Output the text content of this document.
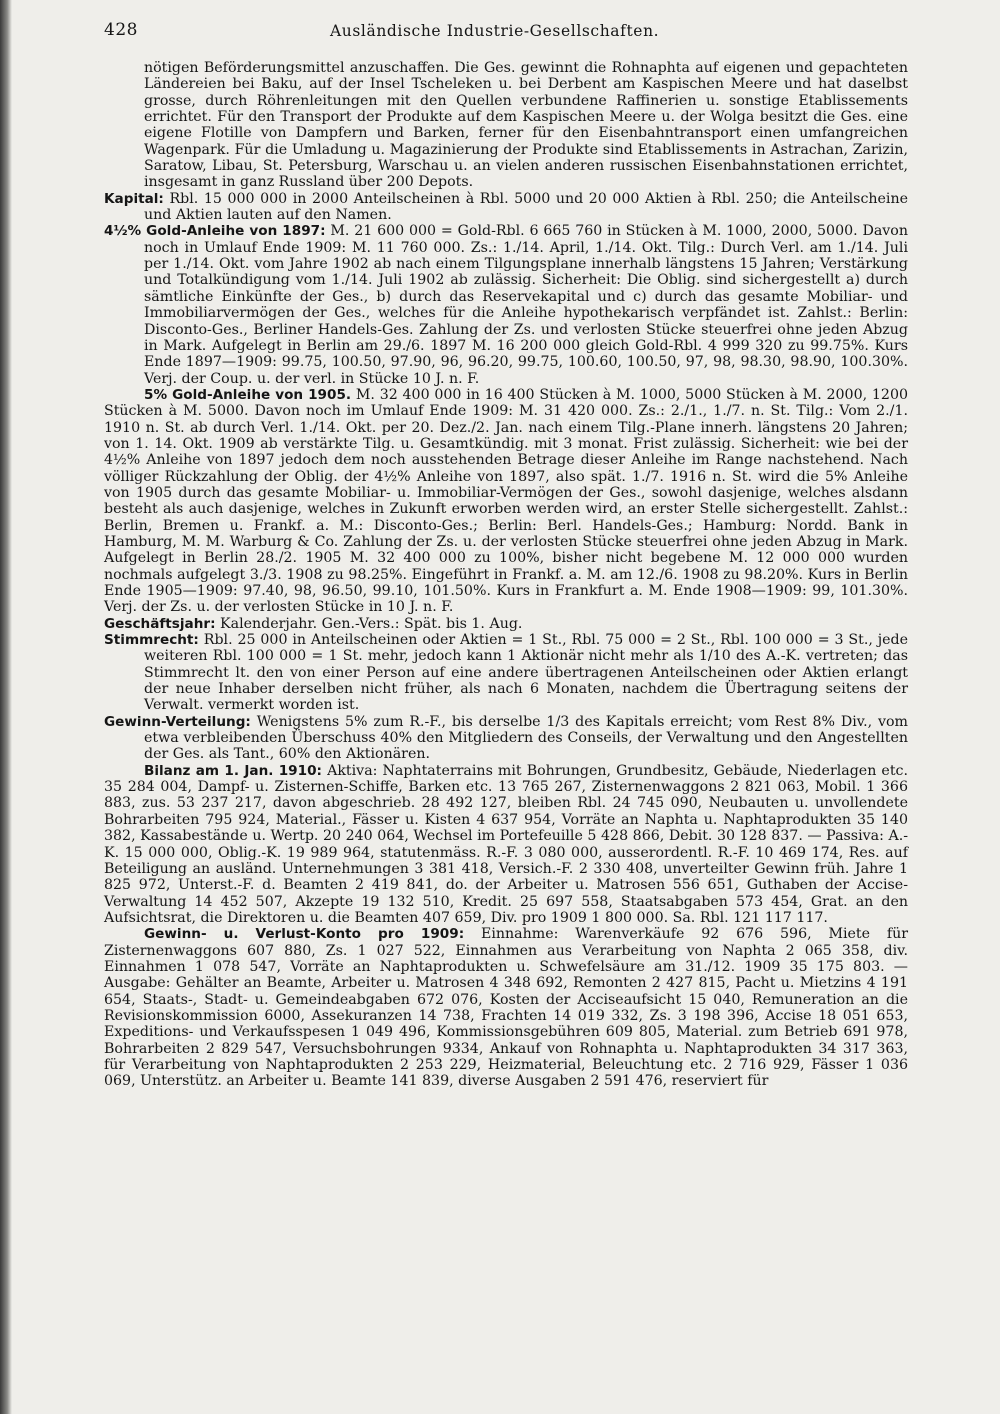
428	Ausländische Industrie-Gesellschaften.

nötigen Beförderungsmittel anzuschaffen. Die Ges. gewinnt die Rohnaphta auf eigenen und gepachteten Ländereien bei Baku, auf der Insel Tscheleken u. bei Derbent am Kaspischen Meere und hat daselbst grosse, durch Röhrenleitungen mit den Quellen verbundene Raffinerien u. sonstige Etablissements errichtet. Für den Transport der Produkte auf dem Kaspischen Meere u. der Wolga besitzt die Ges. eine eigene Flotille von Dampfern und Barken, ferner für den Eisenbahntransport einen umfangreichen Wagenpark. Für die Umladung u. Magazinierung der Produkte sind Etablissements in Astrachan, Zarizin, Saratow, Libau, St. Petersburg, Warschau u. an vielen anderen russischen Eisenbahnstationen errichtet, insgesamt in ganz Russland über 200 Depots.

Kapital: Rbl. 15 000 000 in 2000 Anteilscheinen à Rbl. 5000 und 20 000 Aktien à Rbl. 250; die Anteilscheine und Aktien lauten auf den Namen.

4½% Gold-Anleihe von 1897: M. 21 600 000 = Gold-Rbl. 6 665 760 in Stücken à M. 1000, 2000, 5000. Davon noch in Umlauf Ende 1909: M. 11 760 000. Zs.: 1./14. April, 1./14. Okt. Tilg.: Durch Verl. am 1./14. Juli per 1./14. Okt. vom Jahre 1902 ab nach einem Tilgungsplane innerhalb längstens 15 Jahren; Verstärkung und Totalkündigung vom 1./14. Juli 1902 ab zulässig. Sicherheit: Die Oblig. sind sichergestellt a) durch sämtliche Einkünfte der Ges., b) durch das Reservekapital und c) durch das gesamte Mobiliar- und Immobiliarvermögen der Ges., welches für die Anleihe hypothekarisch verpfändet ist. Zahlst.: Berlin: Disconto-Ges., Berliner Handels-Ges. Zahlung der Zs. und verlosten Stücke steuerfrei ohne jeden Abzug in Mark. Aufgelegt in Berlin am 29./6. 1897 M. 16 200 000 gleich Gold-Rbl. 4 999 320 zu 99.75%. Kurs Ende 1897—1909: 99.75, 100.50, 97.90, 96, 96.20, 99.75, 100.60, 100.50, 97, 98, 98.30, 98.90, 100.30%. Verj. der Coup. u. der verl. in Stücke 10 J. n. F.

5% Gold-Anleihe von 1905. M. 32 400 000 in 16 400 Stücken à M. 1000, 5000 Stücken à M. 2000, 1200 Stücken à M. 5000. Davon noch im Umlauf Ende 1909: M. 31 420 000. Zs.: 2./1., 1./7. n. St. Tilg.: Vom 2./1. 1910 n. St. ab durch Verl. 1./14. Okt. per 20. Dez./2. Jan. nach einem Tilg.-Plane innerh. längstens 20 Jahren; von 1. 14. Okt. 1909 ab verstärkte Tilg. u. Gesamtkündig. mit 3 monat. Frist zulässig. Sicherheit: wie bei der 4½% Anleihe von 1897 jedoch dem noch ausstehenden Betrage dieser Anleihe im Range nachstehend. Nach völliger Rückzahlung der Oblig. der 4½% Anleihe von 1897, also spät. 1./7. 1916 n. St. wird die 5% Anleihe von 1905 durch das gesamte Mobiliar- u. Immobiliar-Vermögen der Ges., sowohl dasjenige, welches alsdann besteht als auch dasjenige, welches in Zukunft erworben werden wird, an erster Stelle sichergestellt. Zahlst.: Berlin, Bremen u. Frankf. a. M.: Disconto-Ges.; Berlin: Berl. Handels-Ges.; Hamburg: Nordd. Bank in Hamburg, M. M. Warburg & Co. Zahlung der Zs. u. der verlosten Stücke steuerfrei ohne jeden Abzug in Mark. Aufgelegt in Berlin 28./2. 1905 M. 32 400 000 zu 100%, bisher nicht begebene M. 12 000 000 wurden nochmals aufgelegt 3./3. 1908 zu 98.25%. Eingeführt in Frankf. a. M. am 12./6. 1908 zu 98.20%. Kurs in Berlin Ende 1905—1909: 97.40, 98, 96.50, 99.10, 101.50%. Kurs in Frankfurt a. M. Ende 1908—1909: 99, 101.30%. Verj. der Zs. u. der verlosten Stücke in 10 J. n. F.

Geschäftsjahr: Kalenderjahr. Gen.-Vers.: Spät. bis 1. Aug.

Stimmrecht: Rbl. 25 000 in Anteilscheinen oder Aktien = 1 St., Rbl. 75 000 = 2 St., Rbl. 100 000 = 3 St., jede weiteren Rbl. 100 000 = 1 St. mehr, jedoch kann 1 Aktionär nicht mehr als 1/10 des A.-K. vertreten; das Stimmrecht lt. den von einer Person auf eine andere übertragenen Anteilscheinen oder Aktien erlangt der neue Inhaber derselben nicht früher, als nach 6 Monaten, nachdem die Übertragung seitens der Verwalt. vermerkt worden ist.

Gewinn-Verteilung: Wenigstens 5% zum R.-F., bis derselbe 1/3 des Kapitals erreicht; vom Rest 8% Div., vom etwa verbleibenden Überschuss 40% den Mitgliedern des Conseils, der Verwaltung und den Angestellten der Ges. als Tant., 60% den Aktionären.

Bilanz am 1. Jan. 1910: Aktiva: Naphtaterrains mit Bohrungen, Grundbesitz, Gebäude, Niederlagen etc. 35 284 004, Dampf- u. Zisternen-Schiffe, Barken etc. 13 765 267, Zisternenwaggons 2 821 063, Mobil. 1 366 883, zus. 53 237 217, davon abgeschrieb. 28 492 127, bleiben Rbl. 24 745 090, Neubauten u. unvollendete Bohrarbeiten 795 924, Material., Fässer u. Kisten 4 637 954, Vorräte an Naphta u. Naphtaprodukten 35 140 382, Kassabestände u. Wertp. 20 240 064, Wechsel im Portefeuille 5 428 866, Debit. 30 128 837. — Passiva: A.-K. 15 000 000, Oblig.-K. 19 989 964, statutenmäss. R.-F. 3 080 000, ausserordentl. R.-F. 10 469 174, Res. auf Beteiligung an ausländ. Unternehmungen 3 381 418, Versich.-F. 2 330 408, unverteilter Gewinn früh. Jahre 1 825 972, Unterst.-F. d. Beamten 2 419 841, do. der Arbeiter u. Matrosen 556 651, Guthaben der Accise-Verwaltung 14 452 507, Akzepte 19 132 510, Kredit. 25 697 558, Staatsabgaben 573 454, Grat. an den Aufsichtsrat, die Direktoren u. die Beamten 407 659, Div. pro 1909 1 800 000. Sa. Rbl. 121 117 117.

Gewinn- u. Verlust-Konto pro 1909: Einnahme: Warenverkäufe 92 676 596, Miete für Zisternenwaggons 607 880, Zs. 1 027 522, Einnahmen aus Verarbeitung von Naphta 2 065 358, div. Einnahmen 1 078 547, Vorräte an Naphtaprodukten u. Schwefelsäure am 31./12. 1909 35 175 803. — Ausgabe: Gehälter an Beamte, Arbeiter u. Matrosen 4 348 692, Remonten 2 427 815, Pacht u. Mietzins 4 191 654, Staats-, Stadt- u. Gemeindeabgaben 672 076, Kosten der Acciseaufsicht 15 040, Remuneration an die Revisionskommission 6000, Assekuranzen 14 738, Frachten 14 019 332, Zs. 3 198 396, Accise 18 051 653, Expeditions- und Verkaufsspesen 1 049 496, Kommissionsgebühren 609 805, Material. zum Betrieb 691 978, Bohrarbeiten 2 829 547, Versuchsbohrungen 9334, Ankauf von Rohnaphta u. Naphtaprodukten 34 317 363, für Verarbeitung von Naphtaprodukten 2 253 229, Heizmaterial, Beleuchtung etc. 2 716 929, Fässer 1 036 069, Unterstütz. an Arbeiter u. Beamte 141 839, diverse Ausgaben 2 591 476, reserviert für
